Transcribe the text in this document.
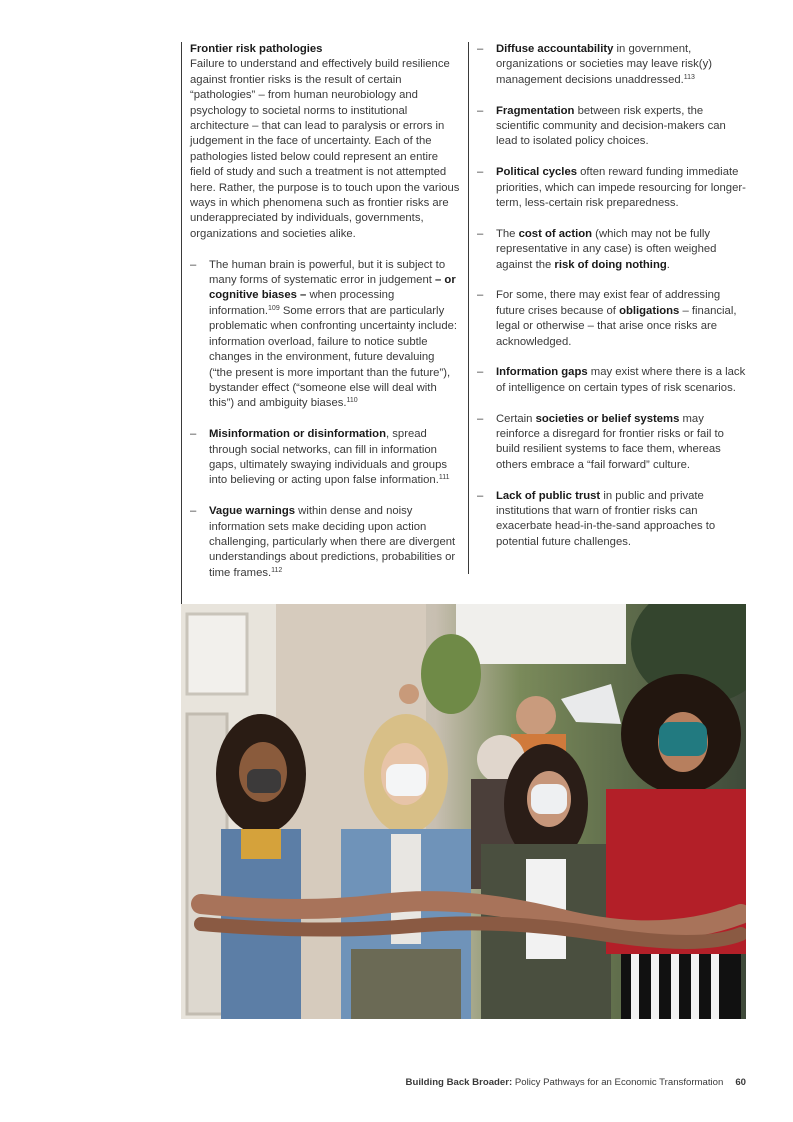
Frontier risk pathologies

Failure to understand and effectively build resilience against frontier risks is the result of certain “pathologies” – from human neurobiology and psychology to societal norms to institutional architecture – that can lead to paralysis or errors in judgement in the face of uncertainty. Each of the pathologies listed below could represent an entire field of study and such a treatment is not attempted here. Rather, the purpose is to touch upon the various ways in which phenomena such as frontier risks are underappreciated by individuals, governments, organizations and societies alike.

– The human brain is powerful, but it is subject to many forms of systematic error in judgement – or cognitive biases – when processing information.$^{109}$ Some errors that are particularly problematic when confronting uncertainty include: information overload, failure to notice subtle changes in the environment, future devaluing (“the present is more important than the future”), bystander effect (“someone else will deal with this”) and ambiguity biases.$^{110}$
– Misinformation or disinformation, spread through social networks, can fill in information gaps, ultimately swaying individuals and groups into believing or acting upon false information.$^{111}$
– Vague warnings within dense and noisy information sets make deciding upon action challenging, particularly when there are divergent understandings about predictions, probabilities or time frames.$^{112}$
– Diffuse accountability in government, organizations or societies may leave risk(y) management decisions unaddressed.$^{113}$
– Fragmentation between risk experts, the scientific community and decision-makers can lead to isolated policy choices.
– Political cycles often reward funding immediate priorities, which can impede resourcing for longer-term, less-certain risk preparedness.
– The cost of action (which may not be fully representative in any case) is often weighed against the risk of doing nothing.
– For some, there may exist fear of addressing future crises because of obligations – financial, legal or otherwise – that arise once risks are acknowledged.
– Information gaps may exist where there is a lack of intelligence on certain types of risk scenarios.
– Certain societies or belief systems may reinforce a disregard for frontier risks or fail to build resilient systems to face them, whereas others embrace a “fail forward” culture.
– Lack of public trust in public and private institutions that warn of frontier risks can exacerbate head-in-the-sand approaches to potential future challenges.
Building Back Broader: Policy Pathways for an Economic Transformation 60
